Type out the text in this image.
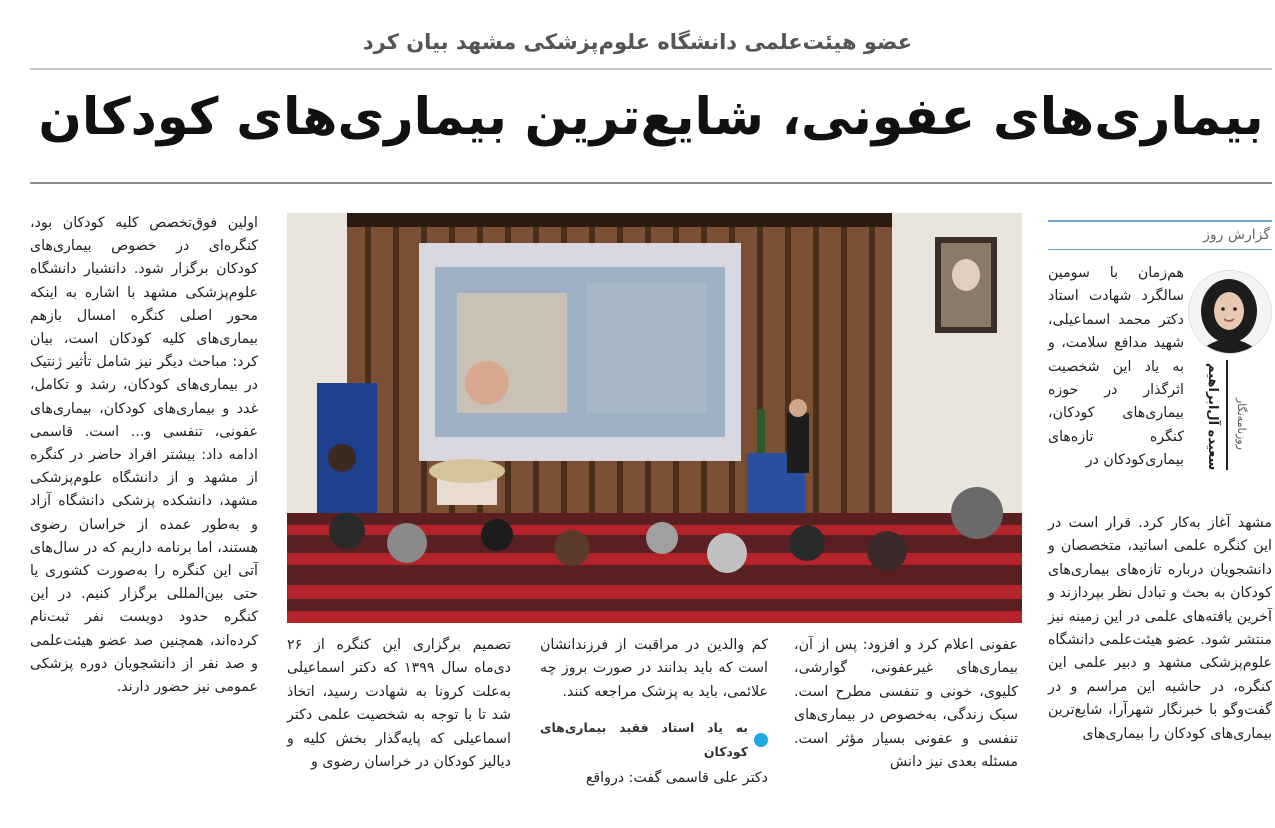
عضو هیئت‌علمی دانشگاه علوم‌پزشکی مشهد بیان کرد
بیماری‌های عفونی، شایع‌ترین بیماری‌های کودکان
گزارش روز
سعیده آل‌ابراهیم روزنامه‌نگار

هم‌زمان با سومین سالگرد شهادت استاد دکتر محمد اسماعیلی، شهید مدافع سلامت، و به یاد این شخصیت اثرگذار در حوزه بیماری‌های کودکان، کنگره تازه‌های بیماری‌کودکان در

مشهد آغاز به‌کار کرد. قرار است در این کنگره علمی اساتید، متخصصان و دانشجویان درباره تازه‌های بیماری‌های کودکان به بحث و تبادل نظر بپردازند و آخرین یافته‌های علمی در این زمینه نیز منتشر شود. عضو هیئت‌علمی دانشگاه علوم‌پزشکی مشهد و دبیر علمی این کنگره، در حاشیه این مراسم و در گفت‌وگو با خبرنگار شهرآرا، شایع‌ترین بیماری‌های کودکان را بیماری‌های

عفونی اعلام کرد و افزود: پس از آن، بیماری‌های غیرعفونی، گوارشی، کلیوی، خونی و تنفسی مطرح است. سبک زندگی، به‌خصوص در بیماری‌های تنفسی و عفونی بسیار مؤثر است. مسئله بعدی نیز دانش

کم والدین در مراقبت از فرزندانشان است که باید بدانند در صورت بروز چه علائمی، باید به پزشک مراجعه کنند.

به یاد استاد فقید بیماری‌های کودکان

دکتر علی قاسمی گفت: درواقع

تصمیم برگزاری این کنگره از ۲۶ دی‌ماه سال ۱۳۹۹ که دکتر اسماعیلی به‌علت کرونا به شهادت رسید، اتخاذ شد تا با توجه به شخصیت علمی دکتر اسماعیلی که پایه‌گذار بخش کلیه و دیالیز کودکان در خراسان رضوی و

اولین فوق‌تخصص کلیه کودکان بود، کنگره‌ای در خصوص بیماری‌های کودکان برگزار شود. دانشیار دانشگاه علوم‌پزشکی مشهد با اشاره به اینکه محور اصلی کنگره امسال بازهم بیماری‌های کلیه کودکان است، بیان کرد: مباحث دیگر نیز شامل تأثیر ژنتیک در بیماری‌های کودکان، رشد و تکامل، غدد و بیماری‌های کودکان، بیماری‌های عفونی، تنفسی و... است. قاسمی ادامه داد: بیشتر افراد حاضر در کنگره از مشهد و از دانشگاه علوم‌پزشکی مشهد، دانشکده پزشکی دانشگاه آزاد و به‌طور عمده از خراسان رضوی هستند، اما برنامه داریم که در سال‌های آتی این کنگره را به‌صورت کشوری یا حتی بین‌المللی برگزار کنیم. در این کنگره حدود دویست نفر ثبت‌نام کرده‌اند، همچنین صد عضو هیئت‌علمی و صد نفر از دانشجویان دوره پزشکی عمومی نیز حضور دارند.
